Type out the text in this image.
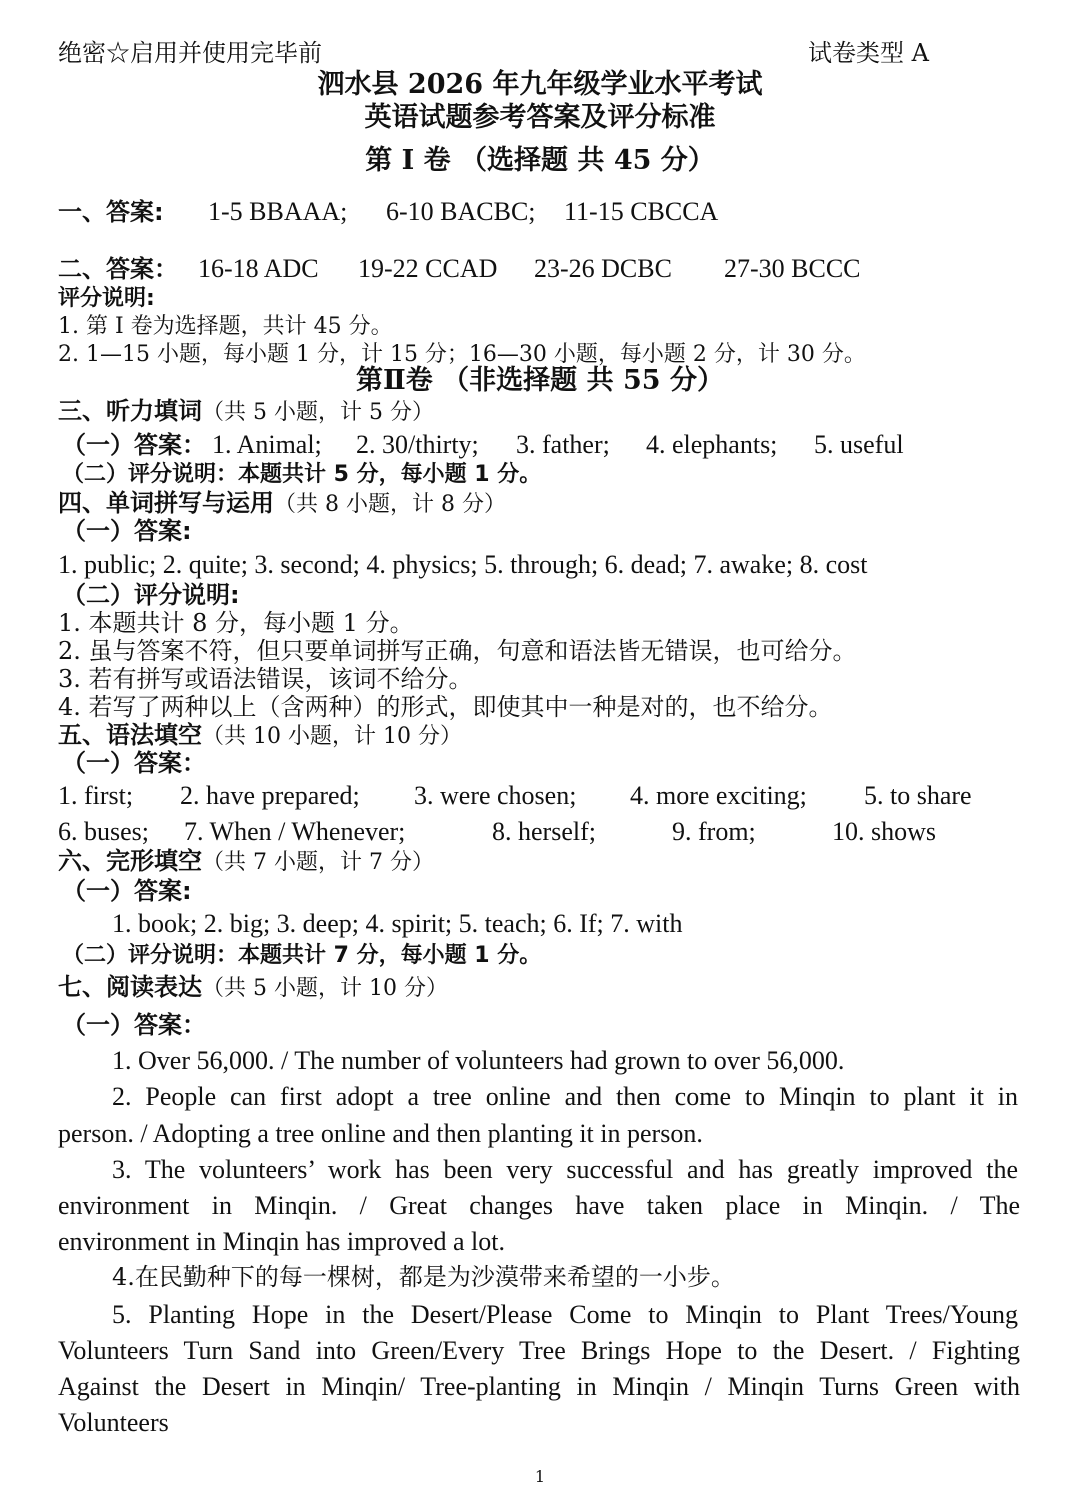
绝密☆启用并使用完毕前	试卷类型 A
泗水县 2026 年九年级学业水平考试
英语试题参考答案及评分标准
第 I 卷 （选择题 共 45 分）
一、答案: 1-5 BBAAA; 6-10 BACBC; 11-15 CBCCA
二、答案： 16-18 ADC 19-22 CCAD 23-26 DCBC 27-30 BCCC
评分说明:
1. 第 I 卷为选择题，共计 45 分。
2. 1—15 小题，每小题 1 分，计 15 分；16—30 小题，每小题 2 分，计 30 分。
第Ⅱ卷 （非选择题 共 55 分）
三、听力填词（共 5 小题，计 5 分）
（一）答案： 1. Animal; 2. 30/thirty; 3. father; 4. elephants; 5. useful
（二）评分说明：本题共计 5 分，每小题 1 分。
四、单词拼写与运用（共 8 小题，计 8 分）
（一）答案:
1. public; 2. quite; 3. second; 4. physics; 5. through; 6. dead; 7. awake; 8. cost
（二）评分说明:
1. 本题共计 8 分，每小题 1 分。
2. 虽与答案不符，但只要单词拼写正确，句意和语法皆无错误，也可给分。
3. 若有拼写或语法错误，该词不给分。
4. 若写了两种以上（含两种）的形式，即使其中一种是对的，也不给分。
五、语法填空（共 10 小题，计 10 分）
（一）答案：
1. first; 2. have prepared; 3. were chosen; 4. more exciting; 5. to share
6. buses; 7. When / Whenever;	8. herself;	9. from;	10. shows
六、完形填空（共 7 小题，计 7 分）
（一）答案:
1. book; 2. big; 3. deep; 4. spirit; 5. teach; 6. If; 7. with
（二）评分说明：本题共计 7 分，每小题 1 分。
七、阅读表达（共 5 小题，计 10 分）
（一）答案：
1. Over 56,000. / The number of volunteers had grown to over 56,000.
2. People can first adopt a tree online and then come to Minqin to plant it in
person. / Adopting a tree online and then planting it in person.
3. The volunteers’ work has been very successful and has greatly improved the
environment in Minqin. / Great changes have taken place in Minqin. / The
environment in Minqin has improved a lot.
4.在民勤种下的每一棵树，都是为沙漠带来希望的一小步。
5. Planting Hope in the Desert/Please Come to Minqin to Plant Trees/Young
Volunteers Turn Sand into Green/Every Tree Brings Hope to the Desert. / Fighting
Against the Desert in Minqin/ Tree-planting in Minqin / Minqin Turns Green with
Volunteers
1
